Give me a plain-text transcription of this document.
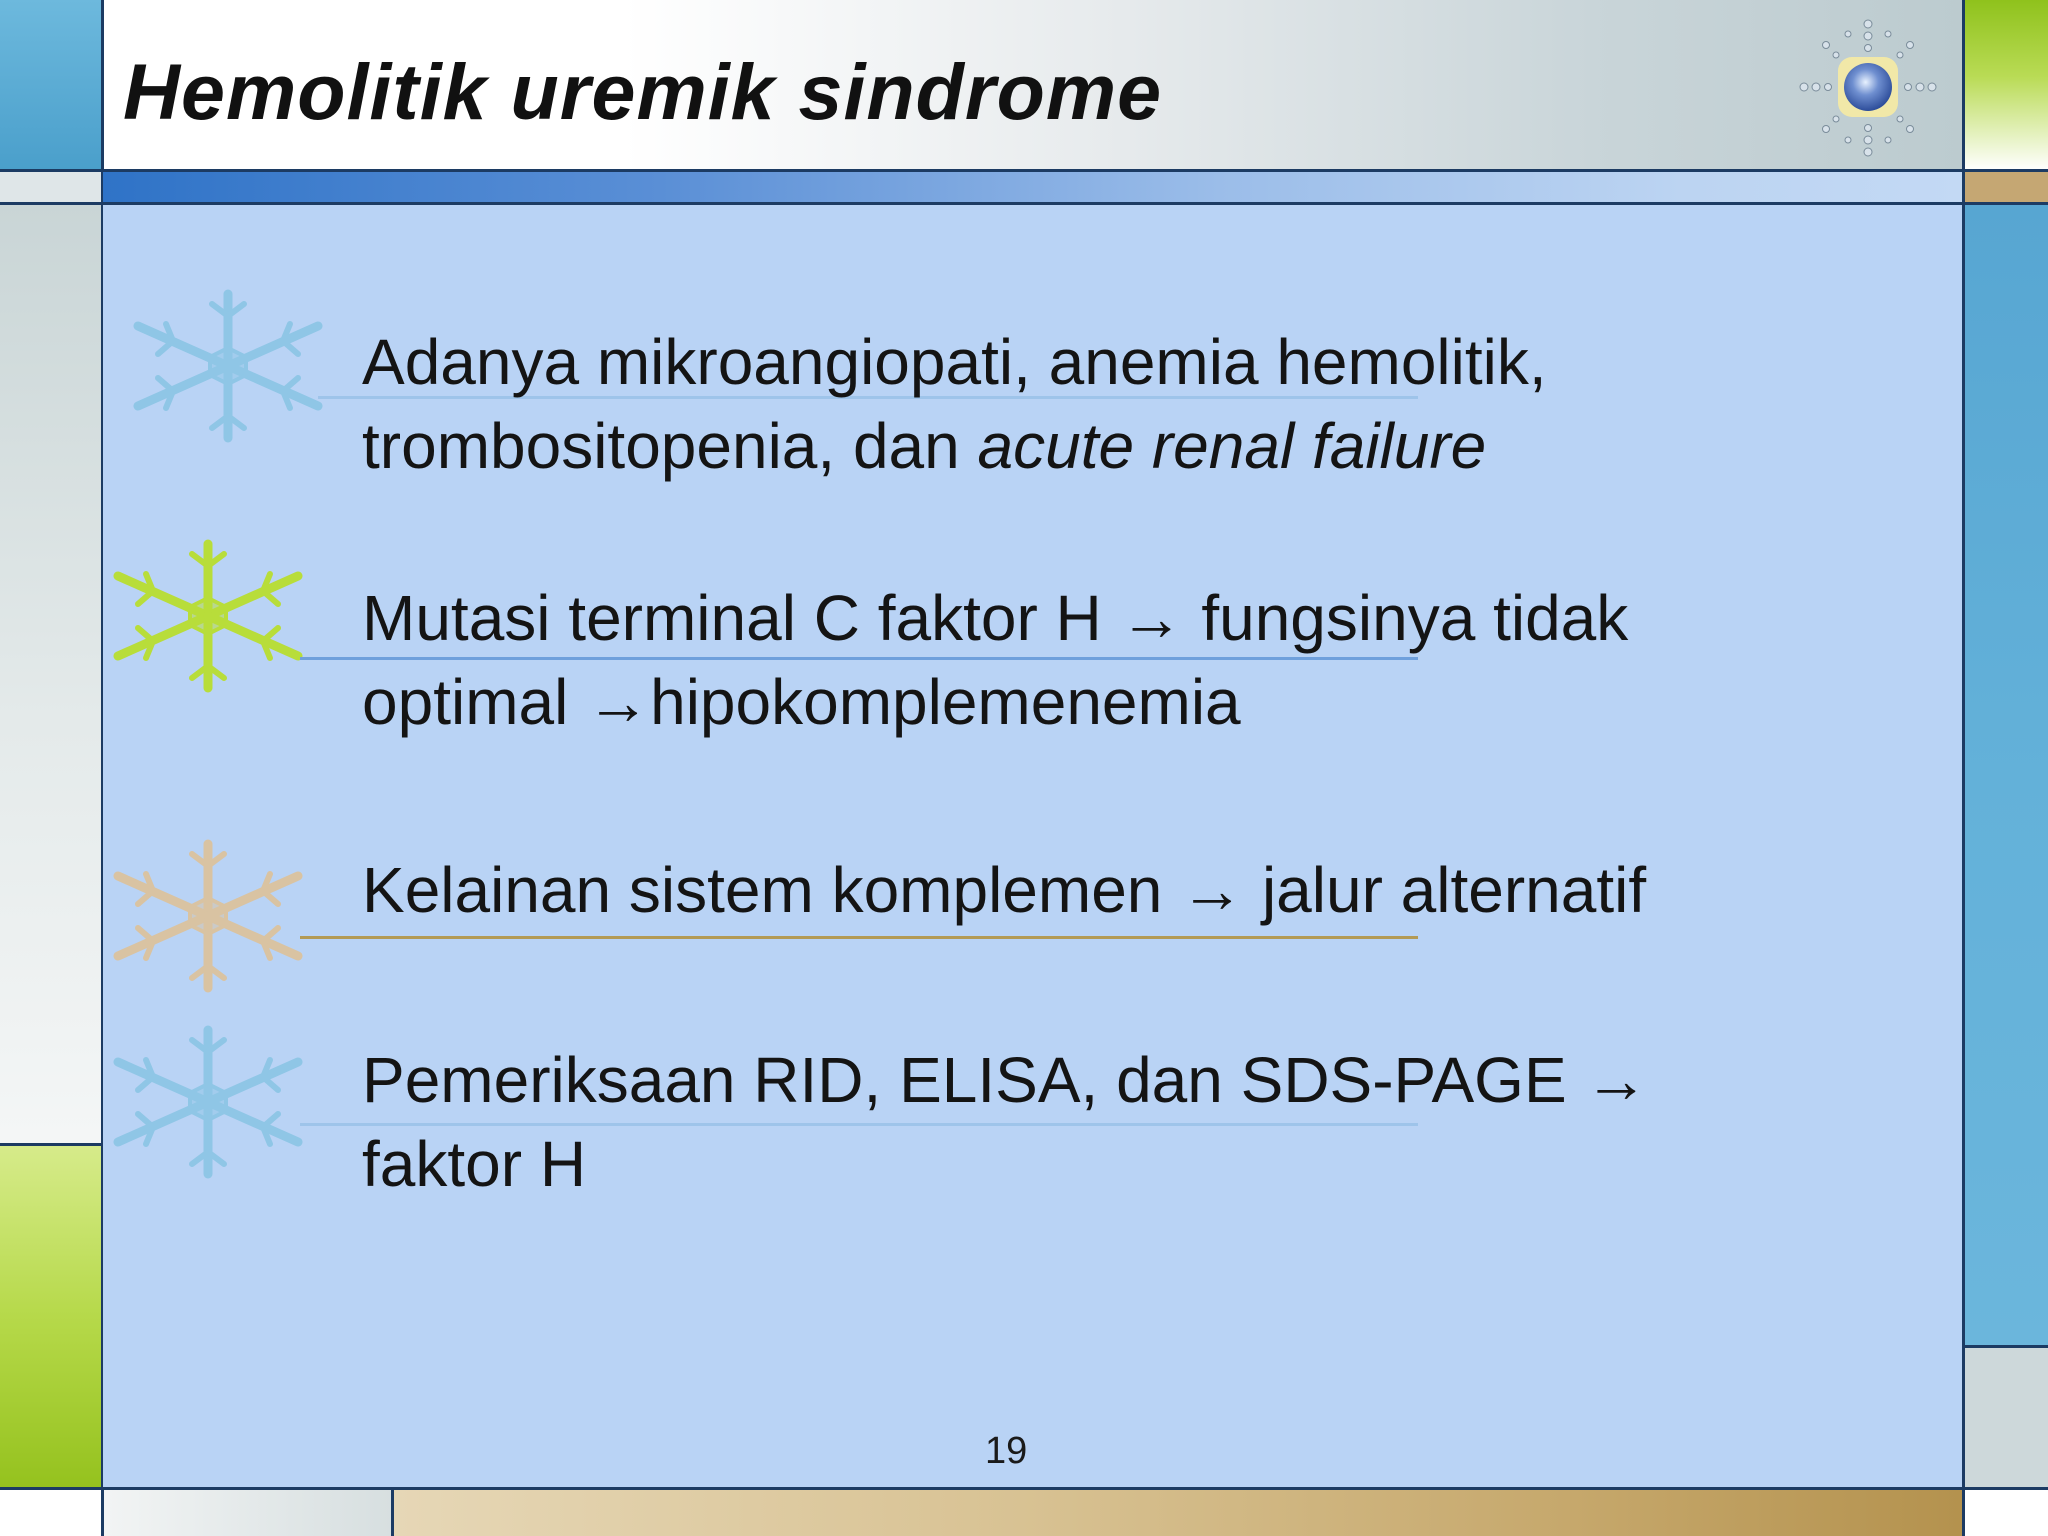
Hemolitik uremik sindrome
Adanya mikroangiopati, anemia hemolitik,
trombositopenia, dan acute renal failure
Mutasi terminal C faktor H → fungsinya tidak
optimal →hipokomplemenemia
Kelainan sistem komplemen → jalur alternatif
Pemeriksaan RID, ELISA, dan SDS-PAGE →
faktor H
19
